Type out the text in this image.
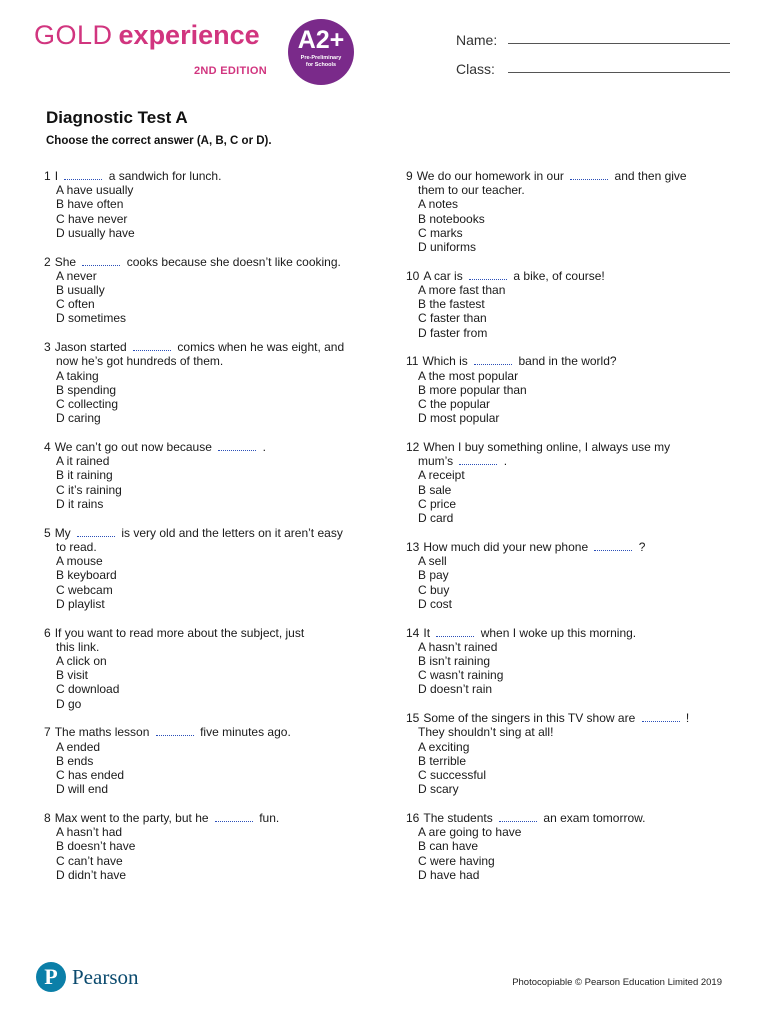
GOLD experience
2ND EDITION
A2+
Pre-Preliminary
for Schools
Name:
Class:
Diagnostic Test A
Choose the correct answer (A, B, C or D).
1 I	a sandwich for lunch.
A have usually
B have often
C have never
D usually have
2 She	cooks because she doesn’t like cooking.
A never
B usually
C often
D sometimes
3 Jason started	comics when he was eight, and
now he’s got hundreds of them.
A taking
B spending
C collecting
D caring
4 We can’t go out now because	.
A it rained
B it raining
C it’s raining
D it rains
5 My	is very old and the letters on it aren’t easy
to read.
A mouse
B keyboard
C webcam
D playlist
6 If you want to read more about the subject, just
this link.
A click on
B visit
C download
D go
7 The maths lesson	five minutes ago.
A ended
B ends
C has ended
D will end
8 Max went to the party, but he	fun.
A hasn’t had
B doesn’t have
C can’t have
D didn’t have
9 We do our homework in our	and then give
them to our teacher.
A notes
B notebooks
C marks
D uniforms
10 A car is	a bike, of course!
A more fast than
B the fastest
C faster than
D faster from
11 Which is	band in the world?
A the most popular
B more popular than
C the popular
D most popular
12 When I buy something online, I always use my
mum’s	.
A receipt
B sale
C price
D card
13 How much did your new phone	?
A sell
B pay
C buy
D cost
14 It	when I woke up this morning.
A hasn’t rained
B isn’t raining
C wasn’t raining
D doesn’t rain
15 Some of the singers in this TV show are	!
They shouldn’t sing at all!
A exciting
B terrible
C successful
D scary
16 The students	an exam tomorrow.
A are going to have
B can have
C were having
D have had
P Pearson	Photocopiable © Pearson Education Limited 2019
